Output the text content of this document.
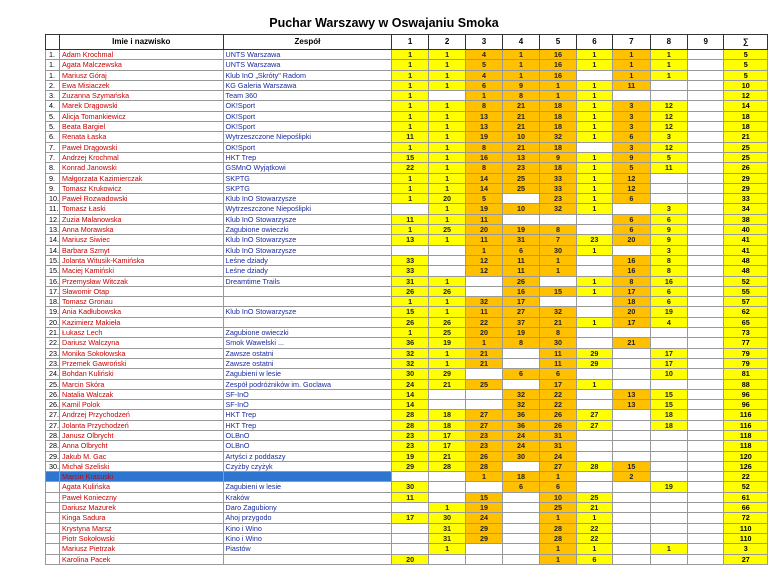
Puchar Warszawy w Oswajaniu Smoka
	Imie i nazwisko	Zespół	1	2	3	4	5	6	7	8	9	∑
1.	Adam Krochmal	UNTS Warszawa	1	1	4	1	16	1	1	1		5
1.	Agata Malczewska	UNTS Warszawa	1	1	5	1	16	1	1	1		5
1.	Mariusz Góraj	Klub InO „Skróty" Radom	1	1	4	1	16		1	1		5
2.	Ewa Misiaczek	KG Galeria Warszawa	1	1	6	9	1	1	11			10
3.	Zuzanna Szymańska	Team 360	1		1	8	1	1				12
4.	Marek Drągowski	OK!Sport	1	1	8	21	18	1	3	12		14
5.	Alicja Tomankiewicz	OK!Sport	1	1	13	21	18	1	3	12		18
5.	Beata Bargiel	OK!Sport	1	1	13	21	18	1	3	12		18
6.	Renata Łaska	Wytrzeszczone Niepoślipki	11	1	19	10	32	1	6	3		21
7.	Paweł Drągowski	OK!Sport	1	1	8	21	18		3	12		25
7.	Andrzej Krochmal	HKT Trep	15	1	16	13	9	1	9	5		25
8.	Konrad Janowski	GSMnO Wyjątkowi	22	1	8	23	18	1	5	11		26
9.	Małgorzata Kazimierczak	SKPTG	1	1	14	25	33	1	12			29
9.	Tomasz Krukowicz	SKPTG	1	1	14	25	33	1	12			29
10.	Paweł Rozwadowski	Klub InO Stowarzysze	1	20	5		23	1	6			33
11.	Tomasz Łaski	Wytrzeszczone Niepoślipki		1	19	10	32	1		3		34
12.	Zuzia Malanowska	Klub InO Stowarzysze	11	1	11				6	6		38
13.	Anna Morawska	Zagubione owieczki	1	25	20	19	8		6	9		40
14.	Mariusz Siwiec	Klub InO Stowarzysze	13	1	11	31	7	23	20	9		41
14.	Barbara Szmyt	Klub InO Stowarzysze			1	6	30	1		3		41
15.	Jolanta Witusik-Kamińska	Leśne dziady	33		12	11	1		16	8		48
15.	Maciej Kamiński	Leśne dziady	33		12	11	1		16	8		48
16.	Przemysław Witczak	Dreamtime Trails	31	1		26		1	8	16		52
17.	Sławomir Otap		26	26		16	15	1	17	6		55
18.	Tomasz Gronau		1	1	32	17			18	6		57
19.	Ania Kadłubowska	Klub InO Stowarzysze	15	1	11	27	32		20	19		62
20.	Kazimierz Makieła		26	26	22	37	21	1	17	4		65
21.	Łukasz Lech	Zagubione owieczki	1	25	20	19	8					73
22.	Dariusz Walczyna	Smok Wawelski ...	36	19	1	8	30		21			77
23.	Monika Sokołowska	Zawsze ostatni	32	1	21		11	29		17		79
23.	Przemek Gawroński	Zawsze ostatni	32	1	21		11	29		17		79
24.	Bohdan Kuliński	Zagubieni w lesie	30	29		6	6			10		81
25.	Marcin Skóra	Zespół podróżników im. Goclawa	24	21	25		17	1				88
26.	Natalia Walczak	SF-InO	14			32	22		13	15		96
26.	Kamil Polok	SF-InO	14			32	22		13	15		96
27.	Andrzej Przychodzeń	HKT Trep	28	18	27	36	26	27		18		116
27.	Jolanta Przychodzeń	HKT Trep	28	18	27	36	26	27		18		116
28.	Janusz Olbrycht	OLBnO	23	17	23	24	31					118
28.	Anna Olbrycht	OLBnO	23	17	23	24	31					118
29.	Jakub M. Gac	Artyści z poddaszy	19	21	26	30	24					120
30.	Michał Szeliski	Czyżby czyżyk	29	28	28		27	28	15			126
	Marcin Krasuski				1	18	1		2			22
	Agata Kulińska	Zagubieni w lesie	30			6	6			19		52
	Paweł Konieczny	Kraków	11		15		10	25				61
	Dariusz Mazurek	Daro Zagubiony		1	19		25	21				66
	Kinga Sadura	Ahoj przygodo	17	30	24		1	1				72
	Krystyna Marsz	Kino i Wino		31	29		28	22				110
	Piotr Sokołowski	Kino i Wino		31	29		28	22				110
	Mariusz Pietrzak	Piastów		1			1	1		1		3
	Karolina Pacek		20				1	6				27
